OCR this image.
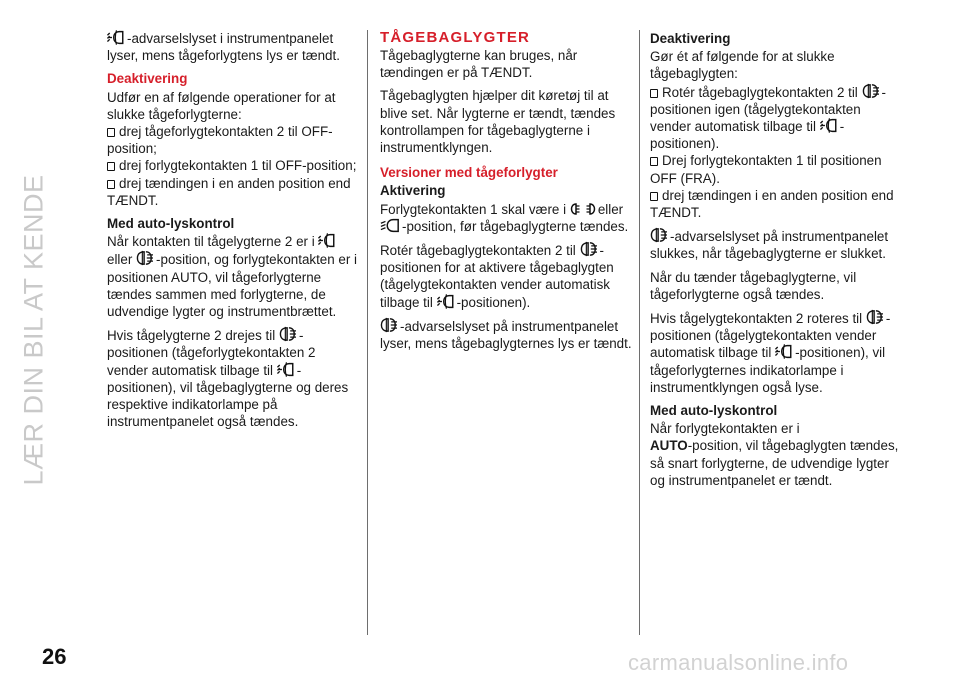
LÆR DIN BIL AT KENDE

-advarselslyset i instrumentpanelet lyser, mens tågeforlygtens lys er tændt.

Deaktivering

Udfør en af følgende operationer for at slukke tågeforlygterne:

drej tågeforlygtekontakten 2 til OFF-position;

drej forlygtekontakten 1 til OFF-position;

drej tændingen i en anden position end TÆNDT.

Med auto-lyskontrol

Når kontakten til tågelygterne 2 er i eller -position, og forlygtekontakten er i positionen AUTO, vil tågeforlygterne tændes sammen med forlygterne, de udvendige lygter og instrumentbrættet.

Hvis tågelygterne 2 drejes til -positionen (tågeforlygtekontakten 2 vender automatisk tilbage til -positionen), vil tågebaglygterne og deres respektive indikatorlampe på instrumentpanelet også tændes.

TÅGEBAGLYGTER

Tågebaglygterne kan bruges, når tændingen er på TÆNDT.

Tågebaglygten hjælper dit køretøj til at blive set. Når lygterne er tændt, tændes kontrollampen for tågebaglygterne i instrumentklyngen.

Versioner med tågeforlygter

Aktivering

Forlygtekontakten 1 skal være i eller -position, før tågebaglygterne tændes.

Rotér tågebaglygtekontakten 2 til -positionen for at aktivere tågebaglygten (tågelygtekontakten vender automatisk tilbage til -positionen).

-advarselslyset på instrumentpanelet lyser, mens tågebaglygternes lys er tændt.

Deaktivering

Gør ét af følgende for at slukke tågebaglygten:

Rotér tågebaglygtekontakten 2 til -positionen igen (tågelygtekontakten vender automatisk tilbage til -positionen).

Drej forlygtekontakten 1 til positionen OFF (FRA).

drej tændingen i en anden position end TÆNDT.

-advarselslyset på instrumentpanelet slukkes, når tågebaglygterne er slukket.

Når du tænder tågebaglygterne, vil tågeforlygterne også tændes.

Hvis tågelygtekontakten 2 roteres til -positionen (tågelygtekontakten vender automatisk tilbage til -positionen), vil tågeforlygternes indikatorlampe i instrumentklyngen også lyse.

Med auto-lyskontrol

Når forlygtekontakten er i
AUTO-position, vil tågebaglygten tændes, så snart forlygterne, de udvendige lygter og instrumentpanelet er tændt.

26	carmanualsonline.info
